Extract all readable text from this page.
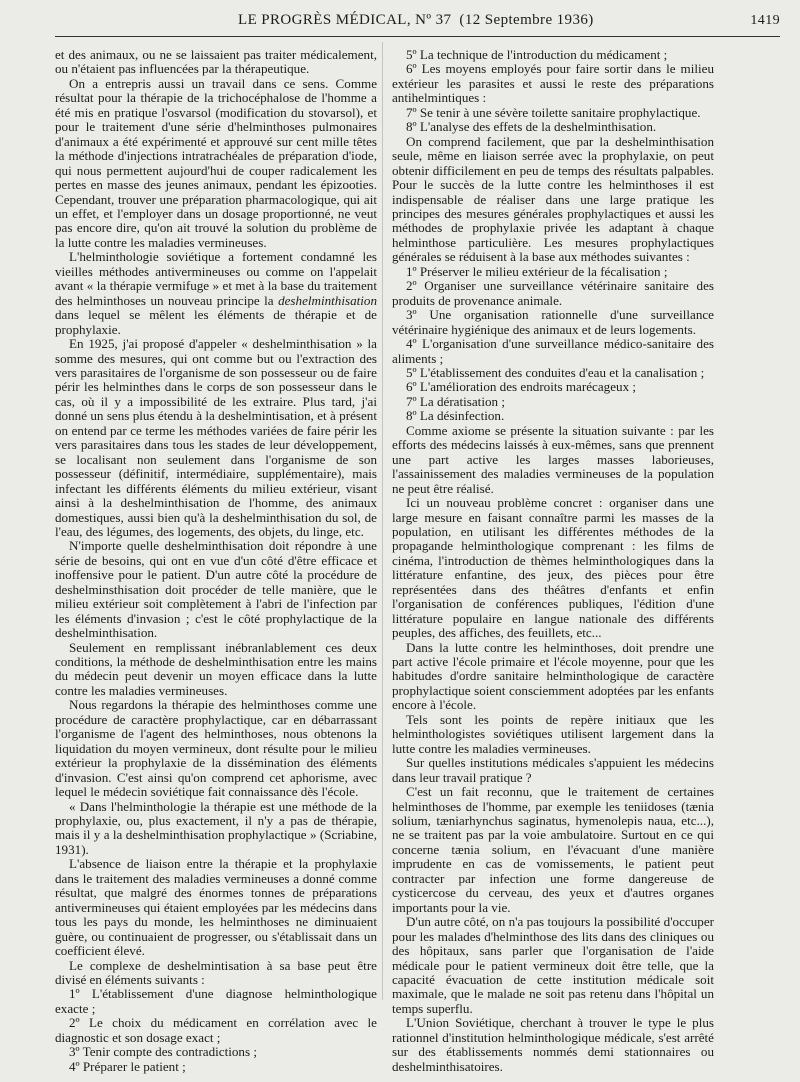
LE PROGRÈS MÉDICAL, Nº 37 (12 Septembre 1936)	1419

et des animaux, ou ne se laissaient pas traiter médicalement, ou n'étaient pas influencées par la thérapeutique.

On a entrepris aussi un travail dans ce sens. Comme résultat pour la thérapie de la trichocéphalose de l'homme a été mis en pratique l'osvarsol (modification du stovarsol), et pour le traitement d'une série d'helminthoses pulmonaires d'animaux a été expérimenté et approuvé sur cent mille têtes la méthode d'injections intratrachéales de préparation d'iode, qui nous permettent aujourd'hui de couper radicalement les pertes en masse des jeunes animaux, pendant les épizooties. Cependant, trouver une préparation pharmacologique, qui ait un effet, et l'employer dans un dosage proportionné, ne veut pas encore dire, qu'on ait trouvé la solution du problème de la lutte contre les maladies vermineuses.

L'helminthologie soviétique a fortement condamné les vieilles méthodes antivermineuses ou comme on l'appelait avant « la thérapie vermifuge » et met à la base du traitement des helminthoses un nouveau principe la deshelminthisation dans lequel se mêlent les éléments de thérapie et de prophylaxie.

En 1925, j'ai proposé d'appeler « deshelminthisation » la somme des mesures, qui ont comme but ou l'extraction des vers parasitaires de l'organisme de son possesseur ou de faire périr les helminthes dans le corps de son possesseur dans le cas, où il y a impossibilité de les extraire. Plus tard, j'ai donné un sens plus étendu à la deshelmintisation, et à présent on entend par ce terme les méthodes variées de faire périr les vers parasitaires dans tous les stades de leur développement, se localisant non seulement dans l'organisme de son possesseur (définitif, intermédiaire, supplémentaire), mais infectant les différents éléments du milieu extérieur, visant ainsi à la deshelminthisation de l'homme, des animaux domestiques, aussi bien qu'à la deshelminthisation du sol, de l'eau, des légumes, des logements, des objets, du linge, etc.

N'importe quelle deshelminthisation doit répondre à une série de besoins, qui ont en vue d'un côté d'être efficace et inoffensive pour le patient. D'un autre côté la procédure de deshelminsthisation doit procéder de telle manière, que le milieu extérieur soit complètement à l'abri de l'infection par les éléments d'invasion ; c'est le côté prophylactique de la deshelminthisation.

Seulement en remplissant inébranlablement ces deux conditions, la méthode de deshelminthisation entre les mains du médecin peut devenir un moyen efficace dans la lutte contre les maladies vermineuses.

Nous regardons la thérapie des helminthoses comme une procédure de caractère prophylactique, car en débarrassant l'organisme de l'agent des helminthoses, nous obtenons la liquidation du moyen vermineux, dont résulte pour le milieu extérieur la prophylaxie de la dissémination des éléments d'invasion. C'est ainsi qu'on comprend cet aphorisme, avec lequel le médecin soviétique fait connaissance dès l'école.

« Dans l'helminthologie la thérapie est une méthode de la prophylaxie, ou, plus exactement, il n'y a pas de thérapie, mais il y a la deshelminthisation prophylactique » (Scriabine, 1931).

L'absence de liaison entre la thérapie et la prophylaxie dans le traitement des maladies vermineuses a donné comme résultat, que malgré des énormes tonnes de préparations antivermineuses qui étaient employées par les médecins dans tous les pays du monde, les helminthoses ne diminuaient guère, ou continuaient de progresser, ou s'établissait dans un coefficient élevé.

Le complexe de deshelmintisation à sa base peut être divisé en éléments suivants :

1º L'établissement d'une diagnose helminthologique exacte ;

2º Le choix du médicament en corrélation avec le diagnostic et son dosage exact ;

3º Tenir compte des contradictions ;

4º Préparer le patient ;

5º La technique de l'introduction du médicament ;

6º Les moyens employés pour faire sortir dans le milieu extérieur les parasites et aussi le reste des préparations antihelmintiques :

7º Se tenir à une sévère toilette sanitaire prophylactique.

8º L'analyse des effets de la deshelminthisation.

On comprend facilement, que par la deshelminthisation seule, même en liaison serrée avec la prophylaxie, on peut obtenir difficilement en peu de temps des résultats palpables. Pour le succès de la lutte contre les helminthoses il est indispensable de réaliser dans une large pratique les principes des mesures générales prophylactiques et aussi les méthodes de prophylaxie privée les adaptant à chaque helminthose particulière. Les mesures prophylactiques générales se réduisent à la base aux méthodes suivantes :

1º Préserver le milieu extérieur de la fécalisation ;

2º Organiser une surveillance vétérinaire sanitaire des produits de provenance animale.

3º Une organisation rationnelle d'une surveillance vétérinaire hygiénique des animaux et de leurs logements.

4º L'organisation d'une surveillance médico-sanitaire des aliments ;

5º L'établissement des conduites d'eau et la canalisation ;

6º L'amélioration des endroits marécageux ;

7º La dératisation ;

8º La désinfection.

Comme axiome se présente la situation suivante : par les efforts des médecins laissés à eux-mêmes, sans que prennent une part active les larges masses laborieuses, l'assainissement des maladies vermineuses de la population ne peut être réalisé.

Ici un nouveau problème concret : organiser dans une large mesure en faisant connaître parmi les masses de la population, en utilisant les différentes méthodes de la propagande helminthologique comprenant : les films de cinéma, l'introduction de thèmes helminthologiques dans la littérature enfantine, des jeux, des pièces pour être représentées dans des théâtres d'enfants et enfin l'organisation de conférences publiques, l'édition d'une littérature populaire en langue nationale des différents peuples, des affiches, des feuillets, etc...

Dans la lutte contre les helminthoses, doit prendre une part active l'école primaire et l'école moyenne, pour que les habitudes d'ordre sanitaire helminthologique de caractère prophylactique soient consciemment adoptées par les enfants encore à l'école.

Tels sont les points de repère initiaux que les helminthologistes soviétiques utilisent largement dans la lutte contre les maladies vermineuses.

Sur quelles institutions médicales s'appuient les médecins dans leur travail pratique ?

C'est un fait reconnu, que le traitement de certaines helminthoses de l'homme, par exemple les teniidoses (tænia solium, tæniarhynchus saginatus, hymenolepis naua, etc...), ne se traitent pas par la voie ambulatoire. Surtout en ce qui concerne tænia solium, en l'évacuant d'une manière imprudente en cas de vomissements, le patient peut contracter par infection une forme dangereuse de cysticercose du cerveau, des yeux et d'autres organes importants pour la vie.

D'un autre côté, on n'a pas toujours la possibilité d'occuper pour les malades d'helminthose des lits dans des cliniques ou des hôpitaux, sans parler que l'organisation de l'aide médicale pour le patient vermineux doit être telle, que la capacité évacuation de cette institution médicale soit maximale, que le malade ne soit pas retenu dans l'hôpital un temps superflu.

L'Union Soviétique, cherchant à trouver le type le plus rationnel d'institution helminthologique médicale, s'est arrêté sur des établissements nommés demi stationnaires ou deshelminthisatoires.
